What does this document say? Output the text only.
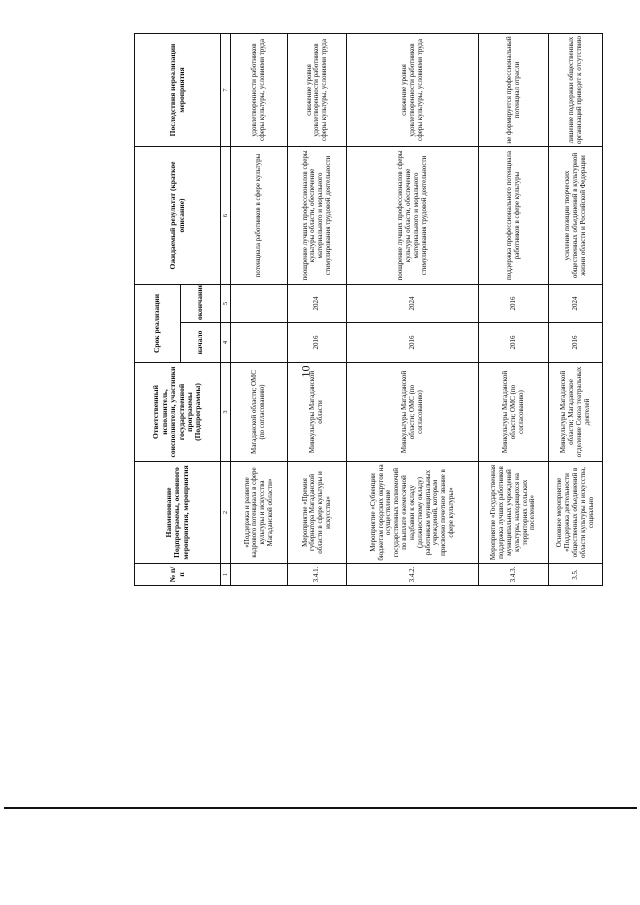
10
№ п/п	Наименование Подпрограммы, основного мероприятия, мероприятия	Ответственный исполнитель, соисполнители, участники государственной программы (Подпрограммы)	Срок реализации		Ожидаемый результат (краткое описание)	Последствия нереализации мероприятия
			начало	окончание		
1	2	3	4	5	6	7
	«Поддержка и развитие кадрового потенциала в сфере культуры и искусства Магаданской области»	Магаданской области; ОМС (по согласованию)			потенциала работников в сфере культуры	удовлетворенности работников сферы культуры, условиями труда
3.4.1.	Мероприятие «Премия губернатора Магаданской области в сфере культуры и искусства»	Минкультуры Магаданской области	2016	2024	поощрение лучших профессионалов сферы культуры области, обеспечение материального и морального стимулирования трудовой деятельности	снижение уровня удовлетворенности работников сферы культуры, условиями труда
3.4.2.	Мероприятие «Субвенции бюджетам городских округов на осуществление государственных полномочий по выплате ежемесячной надбавки к окладу (должностному окладу) работникам муниципальных учреждений, которым присвоено почетное звание в сфере культуры»	Минкультуры Магаданской области; ОМС (по согласованию)	2016	2024	поощрение лучших профессионалов сферы культуры области, обеспечение материального и морального стимулирования трудовой деятельности	снижение уровня удовлетворенности работников сферы культуры, условиями труда
3.4.3.	Мероприятие «Государственная поддержка лучших работников муниципальных учреждений культуры, находящихся на территориях сельских поселений»	Минкультуры Магаданской области; ОМС (по согласованию)	2016	2016	поддержка профессионального потенциала работников в сфере культуры	не формируется профессиональный потенциал отрасли
3.5.	Основное мероприятие «Поддержка деятельности общественных объединений в области культуры и искусства, социально	Минкультуры Магаданской области; Магаданское отделение Союза театральных деятелей	2016	2024	усиление позиции творческих общественных объединений в культурной жизни области и Российской Федерации	лишение поддержки общественных организаций приведет к отсутствию
